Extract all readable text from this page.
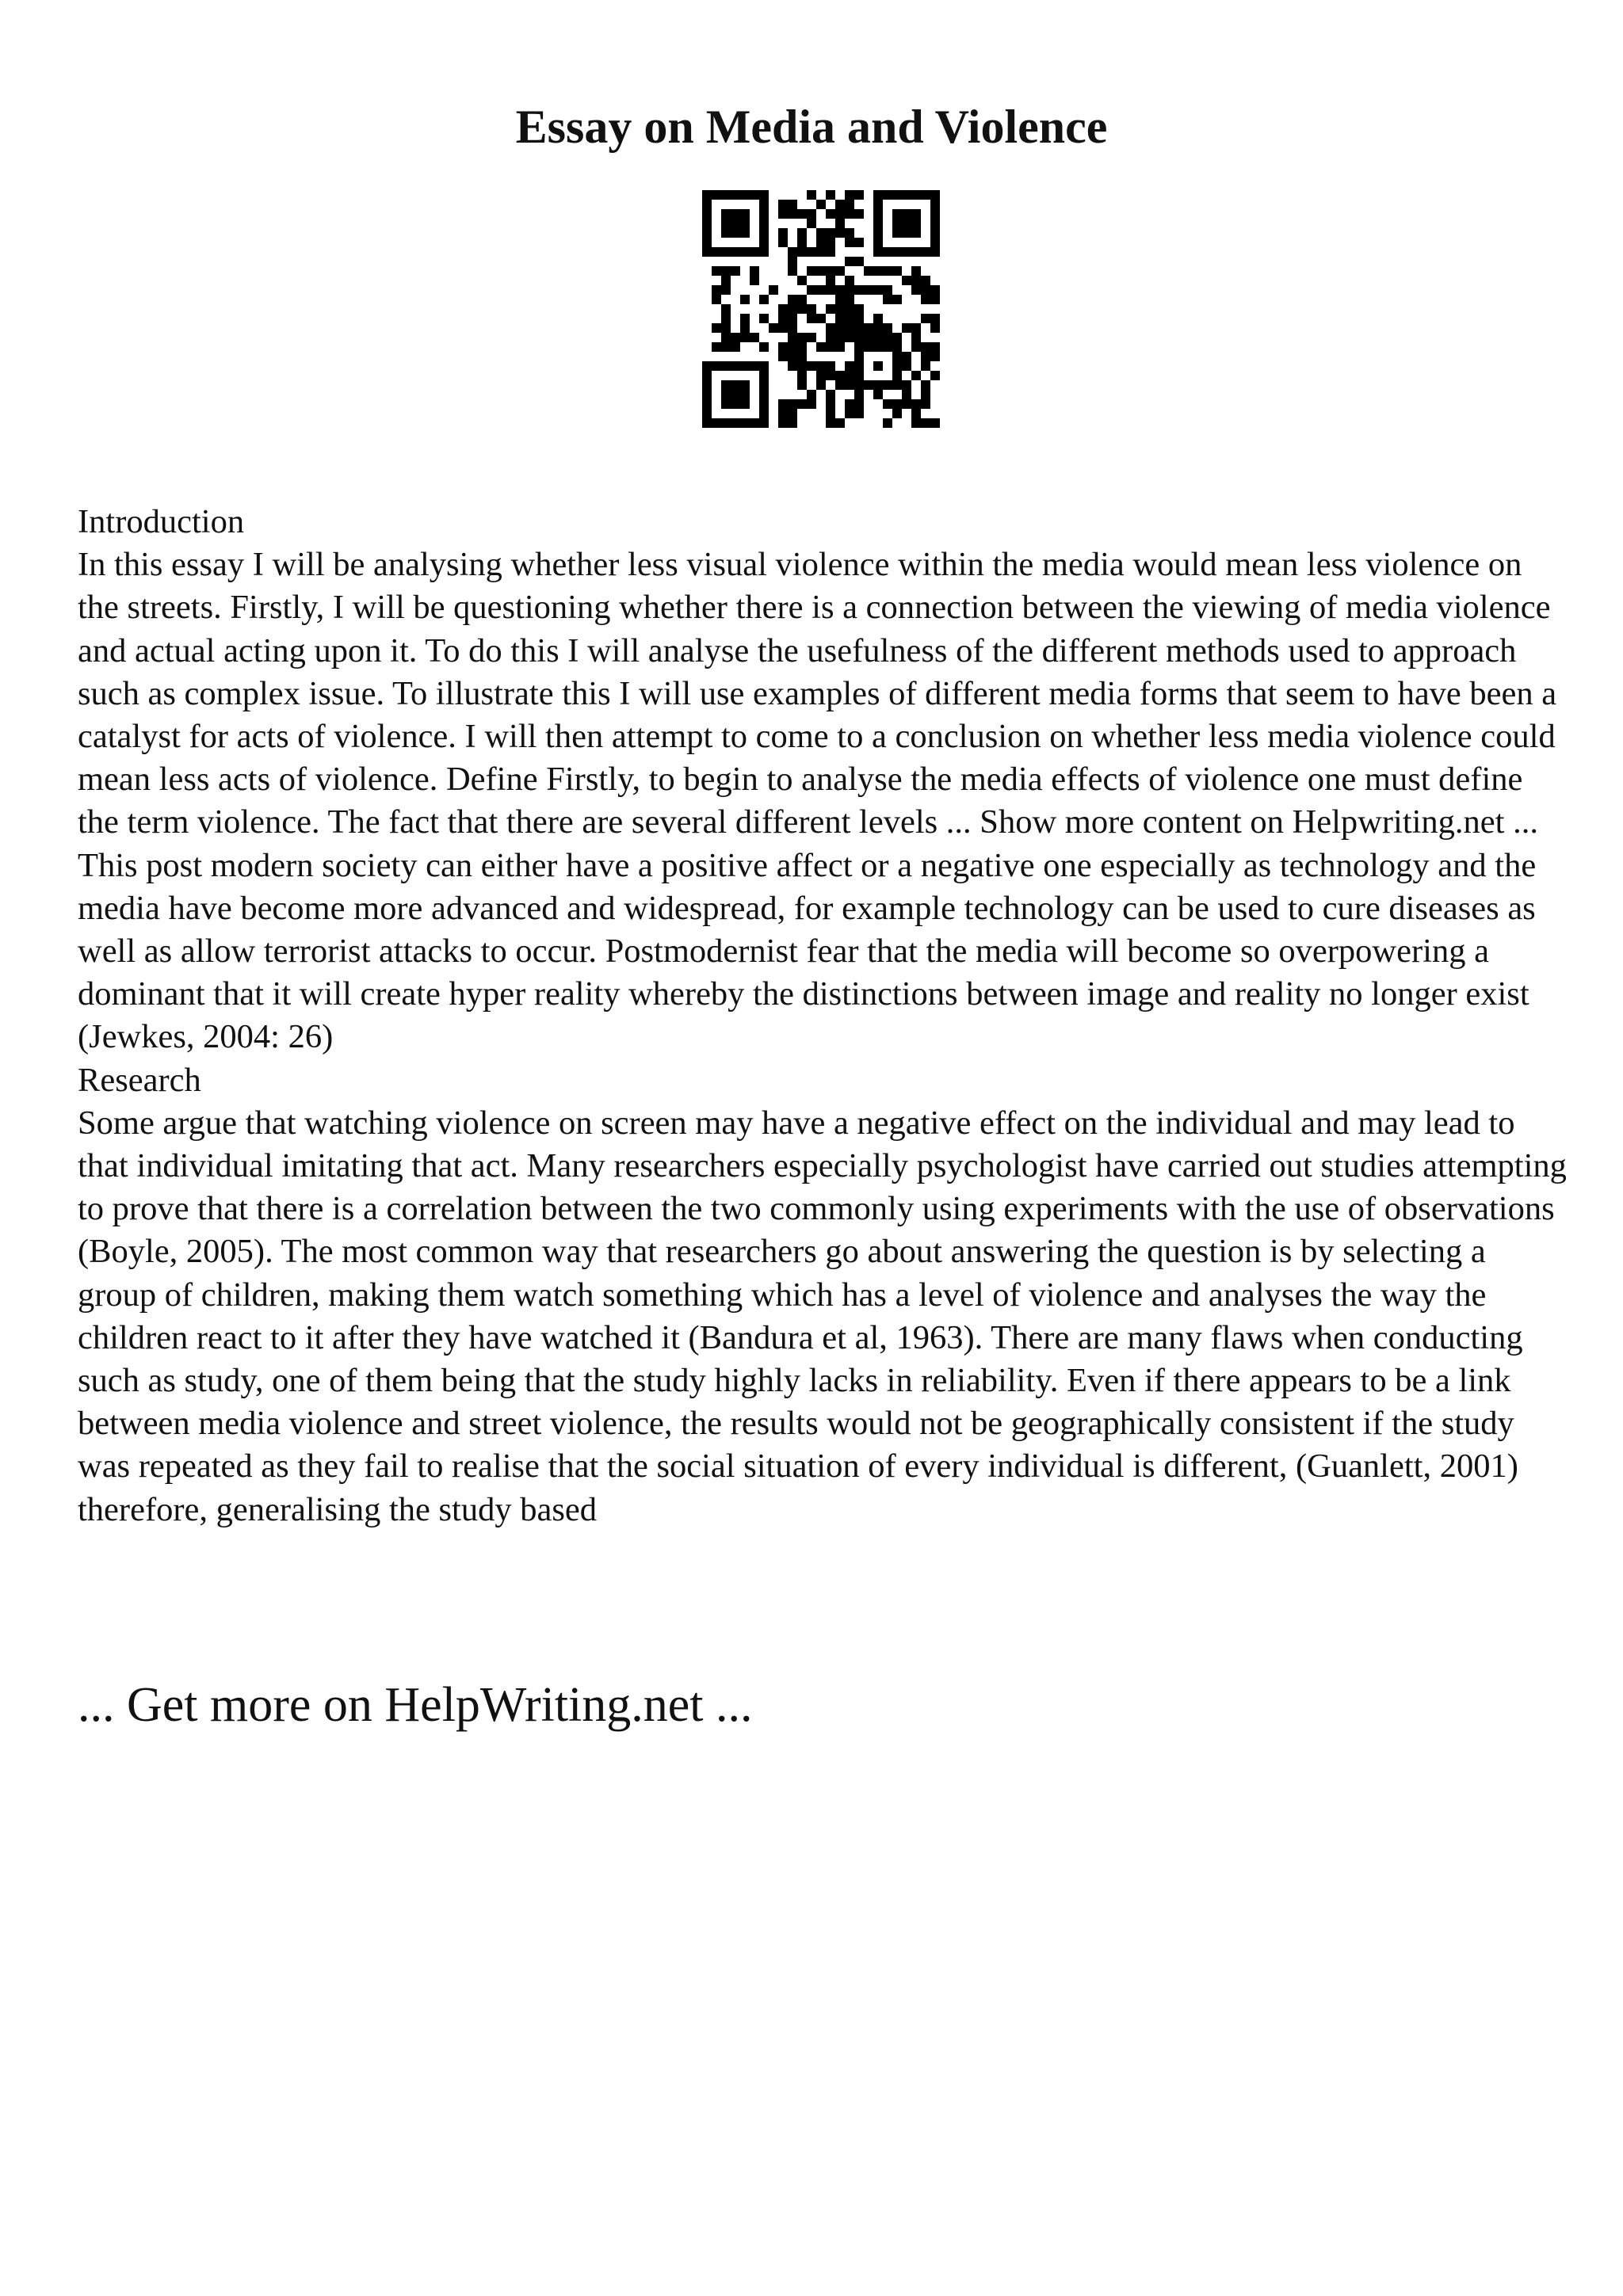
Essay on Media and Violence

Introduction

In this essay I will be analysing whether less visual violence within the media would mean less violence on the streets. Firstly, I will be questioning whether there is a connection between the viewing of media violence and actual acting upon it. To do this I will analyse the usefulness of the different methods used to approach such as complex issue. To illustrate this I will use examples of different media forms that seem to have been a catalyst for acts of violence. I will then attempt to come to a conclusion on whether less media violence could mean less acts of violence. Define Firstly, to begin to analyse the media effects of violence one must define the term violence. The fact that there are several different levels ... Show more content on Helpwriting.net ...

This post modern society can either have a positive affect or a negative one especially as technology and the media have become more advanced and widespread, for example technology can be used to cure diseases as well as allow terrorist attacks to occur. Postmodernist fear that the media will become so overpowering a dominant that it will create hyper reality whereby the distinctions between image and reality no longer exist (Jewkes, 2004: 26)

Research

Some argue that watching violence on screen may have a negative effect on the individual and may lead to that individual imitating that act. Many researchers especially psychologist have carried out studies attempting to prove that there is a correlation between the two commonly using experiments with the use of observations (Boyle, 2005). The most common way that researchers go about answering the question is by selecting a group of children, making them watch something which has a level of violence and analyses the way the children react to it after they have watched it (Bandura et al, 1963). There are many flaws when conducting such as study, one of them being that the study highly lacks in reliability. Even if there appears to be a link between media violence and street violence, the results would not be geographically consistent if the study was repeated as they fail to realise that the social situation of every individual is different, (Guanlett, 2001) therefore, generalising the study based

... Get more on HelpWriting.net ...
